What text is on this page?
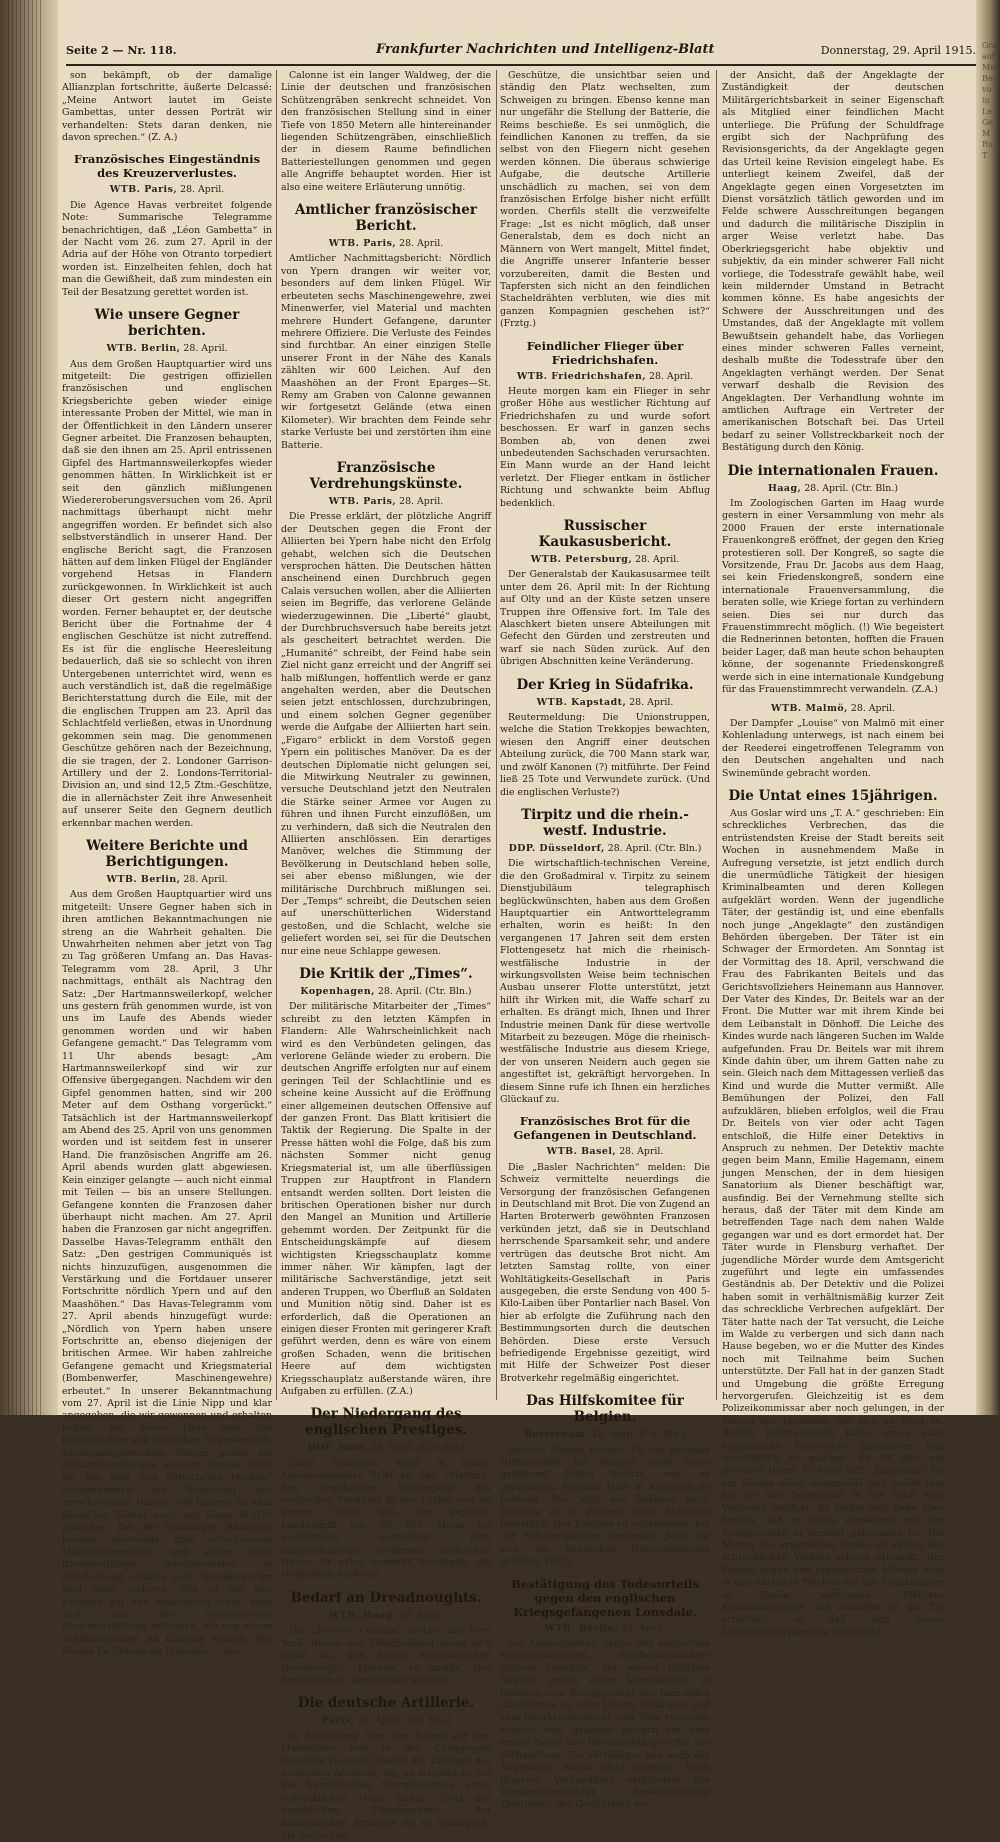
Gra auf Mei Bei vo in Le Ge M Ru T
Seite 2 — Nr. 118.	Frankfurter Nachrichten und Intelligenz-Blatt	Donnerstag, 29. April 1915.

son bekämpft, ob der damalige Allianzplan fortschritte, äußerte Delcassé: „Meine Antwort lautet im Geiste Gambettas, unter dessen Porträt wir verhandelten: Stets daran denken, nie davon sprechen.“ (Z. A.)

Französisches Eingeständnis des Kreuzerverlustes.
WTB. Paris, 28. April.

Die Agence Havas verbreitet folgende Note: Summarische Telegramme benachrichtigen, daß „Léon Gambetta“ in der Nacht vom 26. zum 27. April in der Adria auf der Höhe von Otranto torpediert worden ist. Einzelheiten fehlen, doch hat man die Gewißheit, daß zum mindesten ein Teil der Besatzung gerettet worden ist.

Wie unsere Gegner berichten.
WTB. Berlin, 28. April.

Aus dem Großen Hauptquartier wird uns mitgeteilt: Die gestrigen offiziellen französischen und englischen Kriegsberichte geben wieder einige interessante Proben der Mittel, wie man in der Öffentlichkeit in den Ländern unserer Gegner arbeitet. Die Franzosen behaupten, daß sie den ihnen am 25. April entrissenen Gipfel des Hartmannsweilerkopfes wieder genommen hätten. In Wirklichkeit ist er seit den gänzlich mißlungenen Wiedereroberungsversuchen vom 26. April nachmittags überhaupt nicht mehr angegriffen worden. Er befindet sich also selbstverständlich in unserer Hand. Der englische Bericht sagt, die Franzosen hätten auf dem linken Flügel der Engländer vorgehend Hetsas in Flandern zurückgewonnen. In Wirklichkeit ist auch dieser Ort gestern nicht angegriffen worden. Ferner behauptet er, der deutsche Bericht über die Fortnahme der 4 englischen Geschütze ist nicht zutreffend. Es ist für die englische Heeresleitung bedauerlich, daß sie so schlecht von ihren Untergebenen unterrichtet wird, wenn es auch verständlich ist, daß die regelmäßige Berichterstattung durch die Eile, mit der die englischen Truppen am 23. April das Schlachtfeld verließen, etwas in Unordnung gekommen sein mag. Die genommenen Geschütze gehören nach der Bezeichnung, die sie tragen, der 2. Londoner Garrison-Artillery und der 2. Londons-Territorial-Division an, und sind 12,5 Ztm.-Geschütze, die in allernächster Zeit ihre Anwesenheit auf unserer Seite den Gegnern deutlich erkennbar machen werden.

Weitere Berichte und Berichtigungen.
WTB. Berlin, 28. April.

Aus dem Großen Hauptquartier wird uns mitgeteilt: Unsere Gegner haben sich in ihren amtlichen Bekanntmachungen nie streng an die Wahrheit gehalten. Die Unwahrheiten nehmen aber jetzt von Tag zu Tag größeren Umfang an. Das Havas-Telegramm vom 28. April, 3 Uhr nachmittags, enthält als Nachtrag den Satz: „Der Hartmannsweilerkopf, welcher uns gestern früh genommen wurde, ist von uns im Laufe des Abends wieder genommen worden und wir haben Gefangene gemacht.“ Das Telegramm vom 11 Uhr abends besagt: „Am Hartmannsweilerkopf sind wir zur Offensive übergegangen. Nachdem wir den Gipfel genommen hatten, sind wir 200 Meter auf dem Osthang vorgerückt.“ Tatsächlich ist der Hartmannsweilerkopf am Abend des 25. April von uns genommen worden und ist seitdem fest in unserer Hand. Die französischen Angriffe am 26. April abends wurden glatt abgewiesen. Kein einziger gelangte — auch nicht einmal mit Teilen — bis an unsere Stellungen. Gefangene konnten die Franzosen daher überhaupt nicht machen. Am 27. April haben die Franzosen gar nicht angegriffen. Dasselbe Havas-Telegramm enthält den Satz: „Den gestrigen Communiqués ist nichts hinzuzufügen, ausgenommen die Verstärkung und die Fortdauer unserer Fortschritte nördlich Ypern und auf den Maashöhen.“ Das Havas-Telegramm vom 27. April abends hinzugefügt wurde: „Nördlich von Ypern haben unsere Fortschritte an, ebenso diejenigen der britischen Armee. Wir haben zahlreiche Gefangene gemacht und Kriegsmaterial (Bombenwerfer, Maschinengewehre) erbeutet.“ In unserer Bekanntmachung vom 27. April ist die Linie Nipp und klar angegeben, die wir gewonnen und erhalten haben. Vor dieser Linie sind alle französischen und britischen Gegenangriffe zusammengebrochen. Warum geben die Bekanntmachungen unserer Gegner nicht an, wie weit ihre Fortschritte reichen? Ausgenommen die Besetzung der zerschossenen Häuser von Lizerne ist kein deutscher Soldat auch nur einen Schritt gewichen. Bei der freiwilligen Räumung können allerdings drei zerschossene Maschinengewehre und einige nicht transportfähige Bombenwerfer in Feindeshand gefallen sein. Bombenwerfer sind nicht verloren. Wie es mit den Erfolgen auf den Maashöhen steht, folgt sich aus der französischen Berichterstattung erkennen, die von einem Schützengraben an Calonne spricht. Die Straße La Grande de Tranchée — bei

Calonne ist ein langer Waldweg, der die Linie der deutschen und französischen Schützengräben senkrecht schneidet. Von den französischen Stellung sind in einer Tiefe von 1850 Metern alle hintereinander liegenden Schützengräben, einschließlich der in diesem Raume befindlichen Batteriestellungen genommen und gegen alle Angriffe behauptet worden. Hier ist also eine weitere Erläuterung unnötig.

Amtlicher französischer Bericht.
WTB. Paris, 28. April.

Amtlicher Nachmittagsbericht: Nördlich von Ypern drangen wir weiter vor, besonders auf dem linken Flügel. Wir erbeuteten sechs Maschinengewehre, zwei Minenwerfer, viel Material und machten mehrere Hundert Gefangene, darunter mehrere Offiziere. Die Verluste des Feindes sind furchtbar. An einer einzigen Stelle unserer Front in der Nähe des Kanals zählten wir 600 Leichen. Auf den Maashöhen an der Front Eparges—St. Remy am Graben von Calonne gewannen wir fortgesetzt Gelände (etwa einen Kilometer). Wir brachten dem Feinde sehr starke Verluste bei und zerstörten ihm eine Batterie.

Französische Verdrehungskünste.
WTB. Paris, 28. April.

Die Presse erklärt, der plötzliche Angriff der Deutschen gegen die Front der Alliierten bei Ypern habe nicht den Erfolg gehabt, welchen sich die Deutschen versprochen hätten. Die Deutschen hätten anscheinend einen Durchbruch gegen Calais versuchen wollen, aber die Alliierten seien im Begriffe, das verlorene Gelände wiederzugewinnen. Die „Liberté“ glaubt, der Durchbruchsversuch habe bereits jetzt als gescheitert betrachtet werden. Die „Humanité“ schreibt, der Feind habe sein Ziel nicht ganz erreicht und der Angriff sei halb mißlungen, hoffentlich werde er ganz angehalten werden, aber die Deutschen seien jetzt entschlossen, durchzubringen, und einem solchen Gegner gegenüber werde die Aufgabe der Alliierten hart sein. „Figaro“ erblickt in dem Vorstoß gegen Ypern ein politisches Manöver. Da es der deutschen Diplomatie nicht gelungen sei, die Mitwirkung Neutraler zu gewinnen, versuche Deutschland jetzt den Neutralen die Stärke seiner Armee vor Augen zu führen und ihnen Furcht einzuflößen, um zu verhindern, daß sich die Neutralen den Alliierten anschlössen. Ein derartiges Manöver, welches die Stimmung der Bevölkerung in Deutschland heben solle, sei aber ebenso mißlungen, wie der militärische Durchbruch mißlungen sei. Der „Temps“ schreibt, die Deutschen seien auf unerschütterlichen Widerstand gestoßen, und die Schlacht, welche sie geliefert worden sei, sei für die Deutschen nur eine neue Schlappe gewesen.

Die Kritik der „Times“.
Kopenhagen, 28. April. (Ctr. Bln.)

Der militärische Mitarbeiter der „Times“ schreibt zu den letzten Kämpfen in Flandern: Alle Wahrscheinlichkeit nach wird es den Verbündeten gelingen, das verlorene Gelände wieder zu erobern. Die deutschen Angriffe erfolgten nur auf einem geringen Teil der Schlachtlinie und es scheine keine Aussicht auf die Eröffnung einer allgemeinen deutschen Offensive auf der ganzen Front. Das Blatt kritisiert die Taktik der Regierung. Die Spalte in der Presse hätten wohl die Folge, daß bis zum nächsten Sommer nicht genug Kriegsmaterial ist, um alle überflüssigen Truppen zur Hauptfront in Flandern entsandt werden sollten. Dort leisten die britischen Operationen bisher nur durch den Mangel an Munition und Artillerie gehemmt worden. Der Zeitpunkt für die Entscheidungskämpfe auf diesem wichtigsten Kriegsschauplatz komme immer näher. Wir kämpfen, lagt der militärische Sachverständige, jetzt seit anderen Truppen, wo Überfluß an Soldaten und Munition nötig sind. Daher ist es erforderlich, daß die Operationen an einigen dieser Fronten mit geringerer Kraft geführt werden, denn es wäre von einem großen Schaden, wenn die britischen Heere auf dem wichtigsten Kriegsschauplatz außerstande wären, ihre Aufgaben zu erfüllen. (Z.A.)

Der Niedergang des englischen Prestiges.
DDP. Rom, 28. April. (Ctr. Bln.)

Carlo Scarfoglio stellt in einem Konstantinopeler Brief an den „Mattino“ den ungeheuren Niedergang des englischen Prestiges in der Türkei und im ganzen Orient fest. Der geplante Landangriff mit 80 000 Mann sei aussichtslos gegenüber dem ausgezeichneten modernen türkischen Heere. Er gehe, bemerkt Scarfoglio, die Hegemonie verloren.

Bedarf an Dreadnoughts.
WTB. Haag, 28. April.

Der „Nieuwe Courant“ meldet aus New York: Italien und Griechenland boten sich beide an, den neuen argentinischen Dreadnought „Moreno“ zu kaufen. Das Anerbieten ist abgewiesen worden.

Die deutsche Artillerie.
Paris, 28. April. (Ctr. Bln.)

In Erörterung über den Kampf auf den Maashöhen und in der Champagne bespricht General Cherfils die Tätigkeit der deutschen Artillerie, die, so schreibt er, bei die französischen Sturmkolonnen unter schrecklichen Feuer nahm. Trotz der angeblichen Überlegenheit der französischen Artillerie ist es unmöglich, die deutschen

Geschütze, die unsichtbar seien und ständig den Platz wechselten, zum Schweigen zu bringen. Ebenso kenne man nur ungefähr die Stellung der Batterie, die Reims beschieße. Es sei unmöglich, die feindlichen Kanonen zu treffen, da sie selbst von den Fliegern nicht gesehen werden können. Die überaus schwierige Aufgabe, die deutsche Artillerie unschädlich zu machen, sei von dem französischen Erfolge bisher nicht erfüllt worden. Cherfils stellt die verzweifelte Frage: „Ist es nicht möglich, daß unser Generalstab, dem es doch nicht an Männern von Wert mangelt, Mittel findet, die Angriffe unserer Infanterie besser vorzubereiten, damit die Besten und Tapfersten sich nicht an den feindlichen Stacheldrähten verbluten, wie dies mit ganzen Kompagnien geschehen ist?“ (Frztg.)

Feindlicher Flieger über Friedrichshafen.
WTB. Friedrichshafen, 28. April.

Heute morgen kam ein Flieger in sehr großer Höhe aus westlicher Richtung auf Friedrichshafen zu und wurde sofort beschossen. Er warf in ganzen sechs Bomben ab, von denen zwei unbedeutenden Sachschaden verursachten. Ein Mann wurde an der Hand leicht verletzt. Der Flieger entkam in östlicher Richtung und schwankte beim Abflug bedenklich.

Russischer Kaukasusbericht.
WTB. Petersburg, 28. April.

Der Generalstab der Kaukasusarmee teilt unter dem 26. April mit: In der Richtung auf Olty und an der Küste setzen unsere Truppen ihre Offensive fort. Im Tale des Alaschkert bieten unsere Abteilungen mit Gefecht den Gürden und zerstreuten und warf sie nach Süden zurück. Auf den übrigen Abschnitten keine Veränderung.

Der Krieg in Südafrika.
WTB. Kapstadt, 28. April.

Reutermeldung: Die Unionstruppen, welche die Station Trekkopjes bewachten, wiesen den Angriff einer deutschen Abteilung zurück, die 700 Mann stark war, und zwölf Kanonen (?) mitführte. Der Feind ließ 25 Tote und Verwundete zurück. (Und die englischen Verluste?)

Tirpitz und die rhein.-westf. Industrie.
DDP. Düsseldorf, 28. April. (Ctr. Bln.)

Die wirtschaftlich-technischen Vereine, die den Großadmiral v. Tirpitz zu seinem Dienstjubiläum telegraphisch beglückwünschten, haben aus dem Großen Hauptquartier ein Antworttelegramm erhalten, worin es heißt: In den vergangenen 17 Jahren seit dem ersten Flottengesetz hat mich die rheinisch-westfälische Industrie in der wirkungsvollsten Weise beim technischen Ausbau unserer Flotte unterstützt, jetzt hilft ihr Wirken mit, die Waffe scharf zu erhalten. Es drängt mich, Ihnen und Ihrer Industrie meinen Dank für diese wertvolle Mitarbeit zu bezeugen. Möge die rheinisch-westfälische Industrie aus diesem Kriege, der von unseren Neidern auch gegen sie angestiftet ist, gekräftigt hervorgehen. In diesem Sinne rufe ich Ihnen ein herzliches Glückauf zu.

Französisches Brot für die Gefangenen in Deutschland.
WTB. Basel, 28. April.

Die „Basler Nachrichten“ melden: Die Schweiz vermittelte neuerdings die Versorgung der französischen Gefangenen in Deutschland mit Brot. Die von Zugend an Harten Broterwerb gewöhnten Franzosen verkünden jetzt, daß sie in Deutschland herrschende Sparsamkeit sehr, und andere vertrügen das deutsche Brot nicht. Am letzten Samstag rollte, von einer Wohltätigkeits-Gesellschaft in Paris ausgegeben, die erste Sendung von 400 5-Kilo-Laiben über Pontarlier nach Basel. Von hier ab erfolgte die Zuführung nach den Bestimmungsorten durch die deutschen Behörden. Diese erste Versuch befriedigende Ergebnisse gezeitigt, wird mit Hilfe der Schweizer Post dieser Brotverkehr regelmäßig eingerichtet.

Das Hilfskomitee für Belgien.
Rotterdam, 28. April. (Ctr. Bln.)

Reuters Bureau meldet: Da das neutrale Hilfskomitee für Belgien nicht mehr genügend Mittel besitzt, war es gezwungen, England Hilfe in Anspruch zu nehmen. Wie jetzt nur bekannt wird, bedürfte es in Zukunft einer Millionen monatlich. Das Komitee ist vollkommen, bei der Schwierigkeiten bemessen. Jetzt hat sich ein englisches Nationalkomitee gebildet. (W.T.)

Bestätigung des Todesurteils gegen den englischen Kriegsgefangenen Lonsdale.
WTB. Berlin, 28. April.

Die Angelegenheit gegen den englischen Kriegsgefangenen, Straßenbahnfahrer William Lonsdale, der wegen tätlichen Angriffs gegen einen Vorgesetzten in Döberitz vom Kriegsgericht des immobilen Gardekorps zu zehn Jahren Gefängnis und vom Oberkriegsgericht zum Tode verurteilt worden war, gelangte gestern vor dem ersten Senat des Reichsmilitärgerichts zur Verhandlung. Ein Verteidiger und auch der Angeklagte waren nicht zugegen. Nach längerer Verhandlung verkündete der Verhandlungsführer, Senatspräsident Thielmann, der Gerichtshof sei

der Ansicht, daß der Angeklagte der Zuständigkeit der deutschen Militärgerichtsbarkeit in seiner Eigenschaft als Mitglied einer feindlichen Macht unterliege. Die Prüfung der Schuldfrage ergibt sich der Nachprüfung des Revisionsgerichts, da der Angeklagte gegen das Urteil keine Revision eingelegt habe. Es unterliegt keinem Zweifel, daß der Angeklagte gegen einen Vorgesetzten im Dienst vorsätzlich tätlich geworden und im Felde schwere Ausschreitungen begangen und dadurch die militärische Disziplin in arger Weise verletzt habe. Das Oberkriegsgericht habe objektiv und subjektiv, da ein minder schwerer Fall nicht vorliege, die Todesstrafe gewählt habe, weil kein mildernder Umstand in Betracht kommen könne. Es habe angesichts der Schwere der Ausschreitungen und des Umstandes, daß der Angeklagte mit vollem Bewußtsein gehandelt habe, das Vorliegen eines minder schweren Falles verneint, deshalb mußte die Todesstrafe über den Angeklagten verhängt werden. Der Senat verwarf deshalb die Revision des Angeklagten. Der Verhandlung wohnte im amtlichen Auftrage ein Vertreter der amerikanischen Botschaft bei. Das Urteil bedarf zu seiner Vollstreckbarkeit noch der Bestätigung durch den König.

Die internationalen Frauen.
Haag, 28. April. (Ctr. Bln.)

Im Zoologischen Garten im Haag wurde gestern in einer Versammlung von mehr als 2000 Frauen der erste internationale Frauenkongreß eröffnet, der gegen den Krieg protestieren soll. Der Kongreß, so sagte die Vorsitzende, Frau Dr. Jacobs aus dem Haag, sei kein Friedenskongreß, sondern eine internationale Frauenversammlung, die beraten solle, wie Kriege fortan zu verhindern seien. Dies sei nur durch das Frauenstimmrecht möglich. (!) Wie begeistert die Rednerinnen betonten, hofften die Frauen beider Lager, daß man heute schon behaupten könne, der sogenannte Friedenskongreß werde sich in eine internationale Kundgebung für das Frauenstimmrecht verwandeln. (Z.A.)

WTB. Malmö, 28. April.

Der Dampfer „Louise“ von Malmö mit einer Kohlenladung unterwegs, ist nach einem bei der Reederei eingetroffenen Telegramm von den Deutschen angehalten und nach Swinemünde gebracht worden.

Die Untat eines 15jährigen.

Aus Goslar wird uns „T. A.“ geschrieben: Ein schreckliches Verbrechen, das die entrüstendsten Kreise der Stadt bereits seit Wochen in ausnehmendem Maße in Aufregung versetzte, ist jetzt endlich durch die unermüdliche Tätigkeit der hiesigen Kriminalbeamten und deren Kollegen aufgeklärt worden. Wenn der jugendliche Täter, der geständig ist, und eine ebenfalls noch junge „Angeklagte“ den zuständigen Behörden übergeben. Der Täter ist ein Schwager der Ermordeten. Am Sonntag ist der Vormittag des 18. April, verschwand die Frau des Fabrikanten Beitels und das Gerichtsvollziehers Heinemann aus Hannover. Der Vater des Kindes, Dr. Beitels war an der Front. Die Mutter war mit ihrem Kinde bei dem Leibanstalt in Dönhoff. Die Leiche des Kindes wurde nach längeren Suchen im Walde aufgefunden. Frau Dr. Beitels war mit ihrem Kinde dahin über, um ihrem Gatten nahe zu sein. Gleich nach dem Mittagessen verließ das Kind und wurde die Mutter vermißt. Alle Bemühungen der Polizei, den Fall aufzuklären, blieben erfolglos, weil die Frau Dr. Beitels von vier oder acht Tagen entschloß, die Hilfe einer Detektivs in Anspruch zu nehmen. Der Detektiv machte gegen beim Mann, Emilie Hagemann, einem jungen Menschen, der in dem hiesigen Sanatorium als Diener beschäftigt war, ausfindig. Bei der Vernehmung stellte sich heraus, daß der Täter mit dem Kinde am betreffenden Tage nach dem nahen Walde gegangen war und es dort ermordet hat. Der Täter wurde in Flensburg verhaftet. Der jugendliche Mörder wurde dem Amtsgericht zugeführt und legte ein umfassendes Geständnis ab. Der Detektiv und die Polizei haben somit in verhältnismäßig kurzer Zeit das schreckliche Verbrechen aufgeklärt. Der Täter hatte nach der Tat versucht, die Leiche im Walde zu verbergen und sich dann nach Hause begeben, wo er die Mutter des Kindes noch mit Teilnahme beim Suchen unterstützte. Der Fall hat in der ganzen Stadt und Umgebung die größte Erregung hervorgerufen. Gleichzeitig ist es dem Polizeikommissar aber noch gelungen, in der Person des Detektivs, der sich an Frau Dr. Beitels herangemacht hatte, einen ganz abgefeimten Verbrecher abzufassen und unschädlich zu machen. Es ist dies ein gewisser Harm. Er hatte sich „Ingenieur“ für ein Straße eines Automobils und wollte ihm bei für ihre Jahreskraft in der Stadt eine Wohnung eröffnet. Es stellte sich dann aber heraus, daß er schon wiederholt mit den Strafgesetzen in Konflikt gekommen ist. Die Mutter des ermordeten Kindes ist infolge des schrecklichen Vorfalls schwer erkrankt. Der Prozeß gegen den jugendlichen Mörder wird in den nächsten Wochen vor der Strafkammer in Goslar stattfinden. Mehrere Kriminalbeamten und Sanitäter in die Tat ermitteln, so daß sich dieses Unterhaltungskomitee einschiebt.
